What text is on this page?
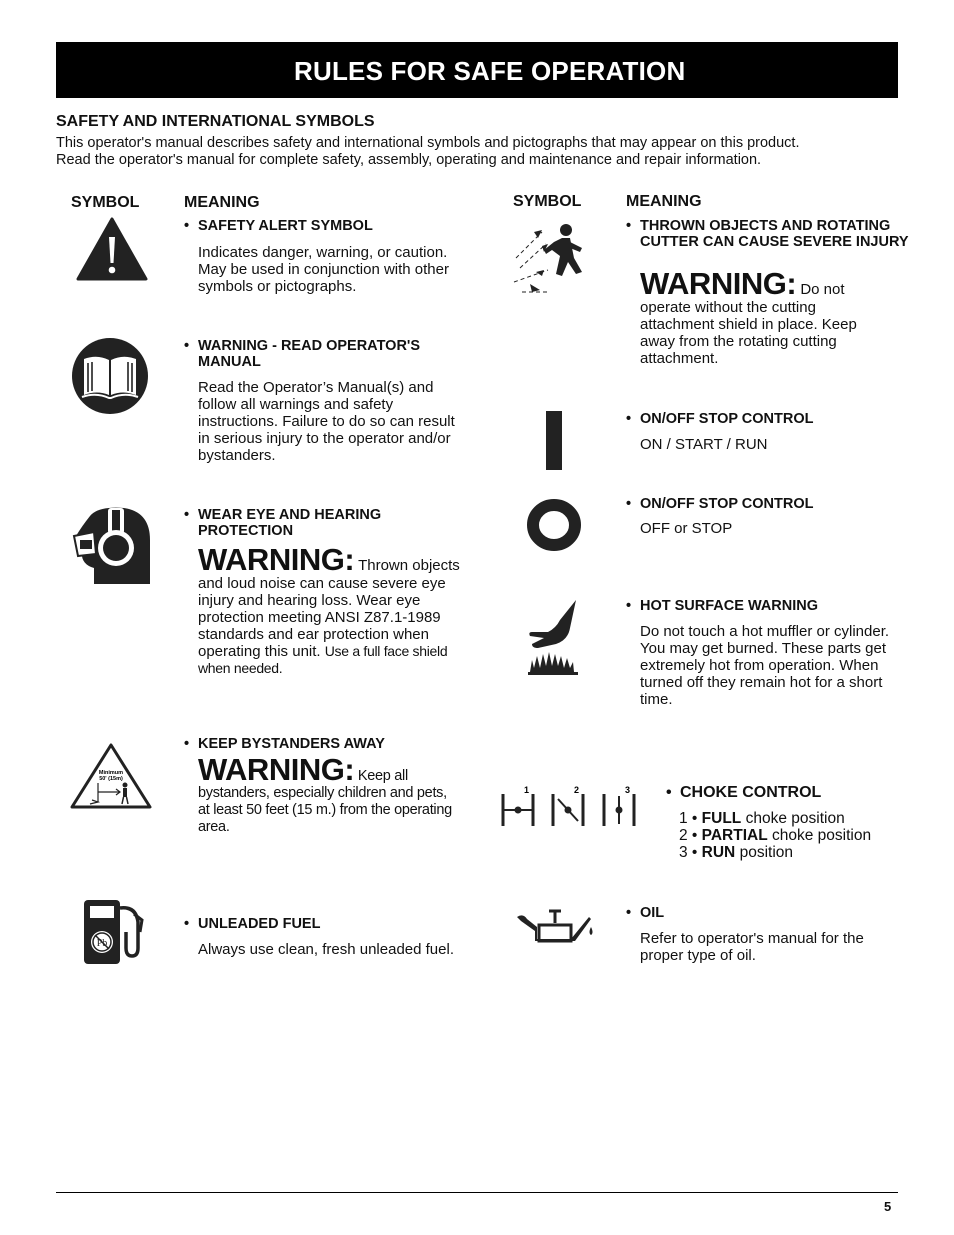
RULES FOR SAFE OPERATION
SAFETY AND INTERNATIONAL SYMBOLS
This operator's manual describes safety and international symbols and pictographs that may appear on this product.
Read the operator's manual for complete safety, assembly, operating and maintenance and repair information.
SYMBOL	MEANING	SYMBOL	MEANING
• SAFETY ALERT SYMBOL
Indicates danger, warning, or caution. May be used in conjunction with other symbols or pictographs.
• WARNING - READ OPERATOR'S MANUAL
Read the Operator’s Manual(s) and follow all warnings and safety instructions. Failure to do so can result in serious injury to the operator and/or bystanders.
• WEAR EYE AND HEARING PROTECTION
WARNING: Thrown objects and loud noise can cause severe eye injury and hearing loss. Wear eye protection meeting ANSI Z87.1-1989 standards and ear protection when operating this unit. Use a full face shield when needed.
Minimum
50' (15m)
• KEEP BYSTANDERS AWAY
WARNING: Keep all bystanders, especially children and pets, at least 50 feet (15 m.) from the operating area.
Pb
• UNLEADED FUEL
Always use clean, fresh unleaded fuel.
• THROWN OBJECTS AND ROTATING CUTTER CAN CAUSE SEVERE INJURY
WARNING: Do not operate without the cutting attachment shield in place. Keep away from the rotating cutting attachment.
• ON/OFF STOP CONTROL
ON / START / RUN
• ON/OFF STOP CONTROL
OFF or STOP
• HOT SURFACE WARNING
Do not touch a hot muffler or cylinder. You may get burned. These parts get extremely hot from operation. When turned off they remain hot for a short time.
1	2	3
•	CHOKE CONTROL
1 • FULL choke position
2 • PARTIAL choke position
3 • RUN position
• OIL
Refer to operator's manual for the proper type of oil.
5
